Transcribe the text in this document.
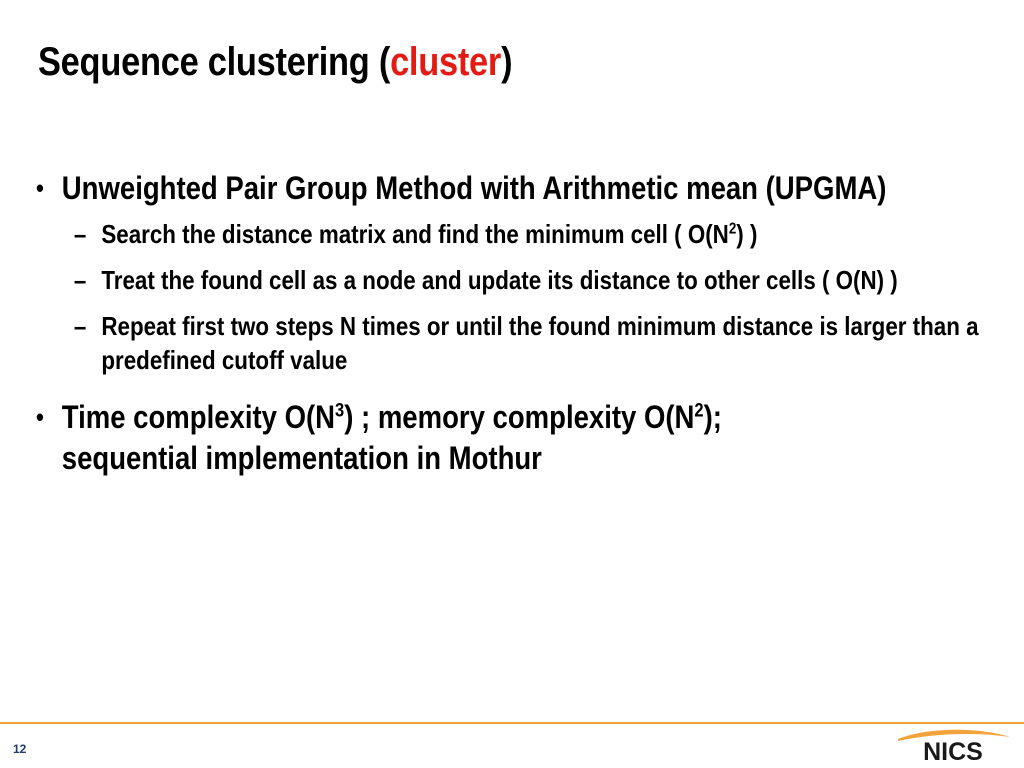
Sequence clustering (cluster)
• Unweighted Pair Group Method with Arithmetic mean (UPGMA)
– Search the distance matrix and find the minimum cell ( $O(N^2)$ )
– Treat the found cell as a node and update its distance to other cells ( O(N) )
– Repeat first two steps N times or until the found minimum distance is larger than a predefined cutoff value
• Time complexity $O(N^3)$ ; memory complexity $O(N^2)$;
sequential implementation in Mothur
12	NICS
